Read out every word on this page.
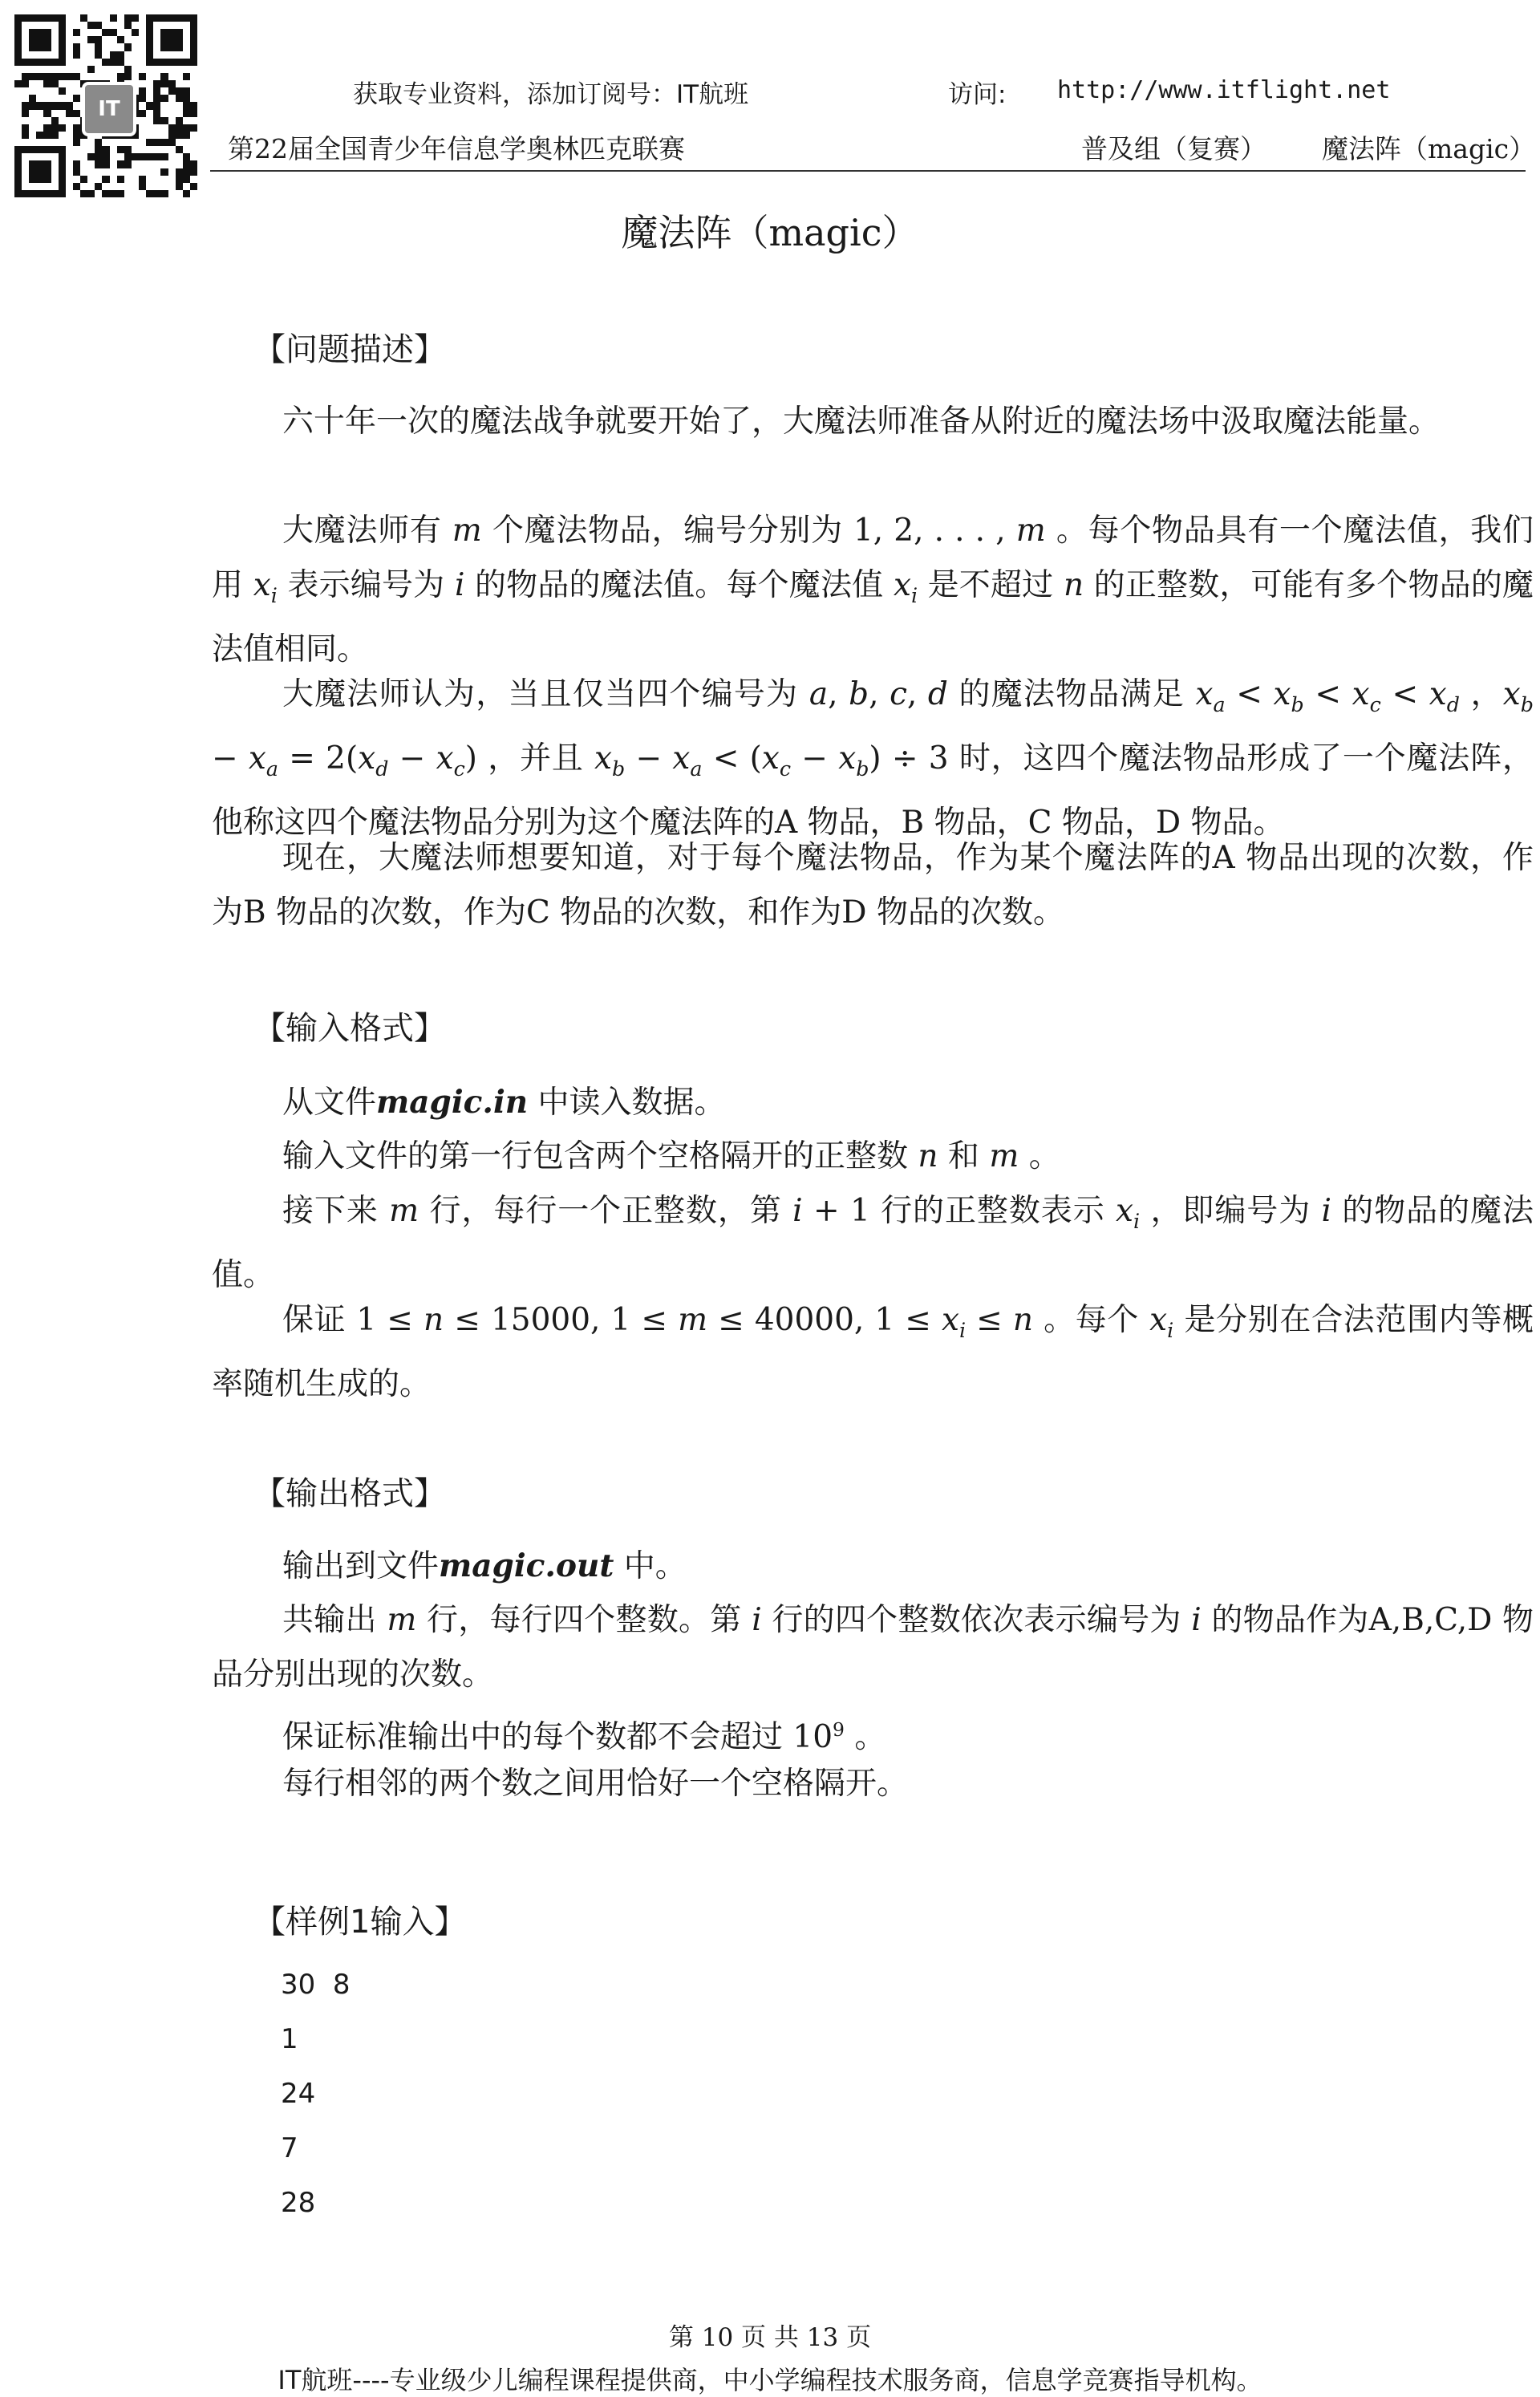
IT	获取专业资料，添加订阅号：IT航班	访问: http://www.itflight.net
第22届全国青少年信息学奥林匹克联赛	普及组（复赛） 魔法阵（magic）
魔法阵（magic）
【问题描述】
六十年一次的魔法战争就要开始了，大魔法师准备从附近的魔法场中汲取魔法能量。
大魔法师有 m 个魔法物品，编号分别为 1, 2, . . . , m 。每个物品具有一个魔法值，我们用 $x_i$ 表示编号为 i 的物品的魔法值。每个魔法值 $x_i$ 是不超过 n 的正整数，可能有多个物品的魔法值相同。
大魔法师认为，当且仅当四个编号为 a, b, c, d 的魔法物品满足 $x_a < x_b < x_c < x_d$ ，$x_b - x_a = 2(x_d - x_c)$ ，并且 $x_b - x_a < (x_c - x_b) \div 3$ 时，这四个魔法物品形成了一个魔法阵，他称这四个魔法物品分别为这个魔法阵的A 物品，B 物品，C 物品，D 物品。
现在，大魔法师想要知道，对于每个魔法物品，作为某个魔法阵的A 物品出现的次数，作为B 物品的次数，作为C 物品的次数，和作为D 物品的次数。
【输入格式】
从文件magic.in 中读入数据。
输入文件的第一行包含两个空格隔开的正整数 n 和 m 。
接下来 m 行，每行一个正整数，第 i + 1 行的正整数表示 $x_i$ ，即编号为 i 的物品的魔法值。
保证 1 ≤ n ≤ 15000, 1 ≤ m ≤ 40000, $1 \le x_i \le n$ 。每个 $x_i$ 是分别在合法范围内等概率随机生成的。
【输出格式】
输出到文件magic.out 中。
共输出 m 行，每行四个整数。第 i 行的四个整数依次表示编号为 i 的物品作为A,B,C,D 物品分别出现的次数。
保证标准输出中的每个数都不会超过 $10^9$ 。
每行相邻的两个数之间用恰好一个空格隔开。
【样例1输入】
30  8
1
24
7
28
第 10 页 共 13 页
IT航班----专业级少儿编程课程提供商，中小学编程技术服务商，信息学竞赛指导机构。
